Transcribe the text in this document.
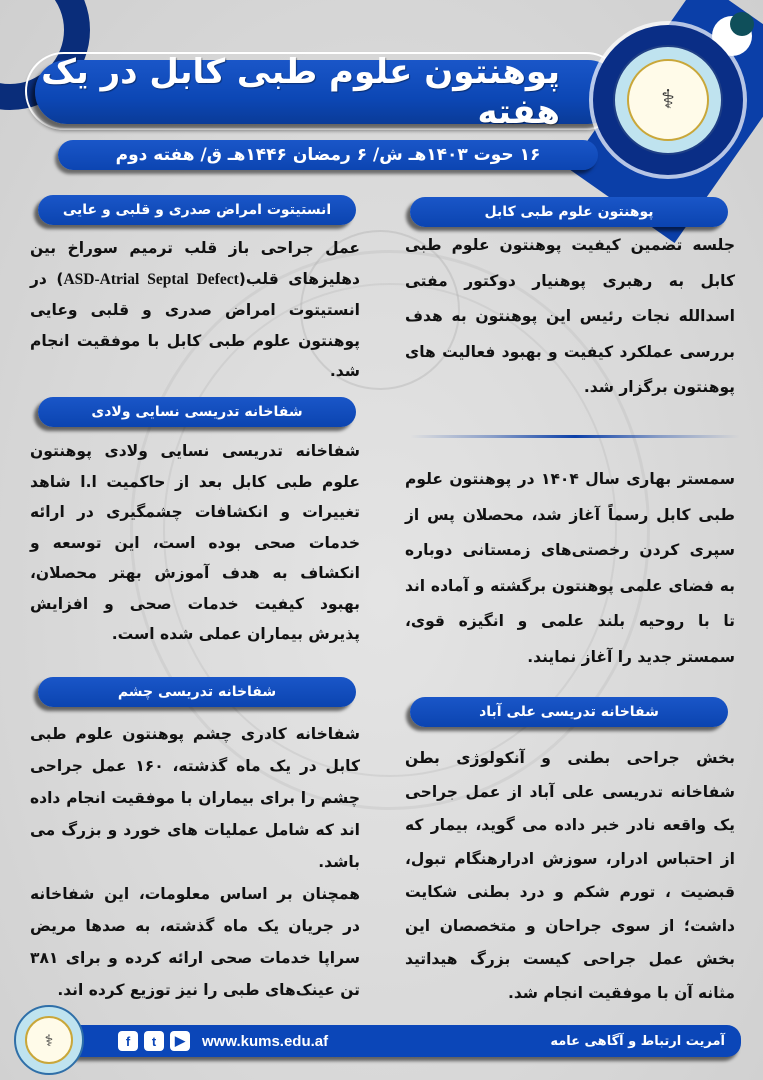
پوهنتون علوم طبی کابل در یک هفته
۱۶ حوت ۱۴۰۳هـ ش/ ۶ رمضان ۱۴۴۶هـ ق/ هفته دوم
⚕
پوهنتون علوم طبی کابل
جلسه تضمین کیفیت پوهنتون علوم طبی کابل به رهبری پوهنیار دوکتور مفتی اسدالله نجات رئیس این پوهنتون به هدف بررسی عملکرد کیفیت و بهبود فعالیت های پوهنتون برگزار شد.
سمستر بهاری سال ۱۴۰۴ در پوهنتون علوم طبی کابل رسماً آغاز شد، محصلان پس از سپری کردن رخصتی‌های زمستانی دوباره به فضای علمی پوهنتون برگشته و آماده اند تا با روحیه بلند علمی و انگیزه قوی، سمستر جدید را آغاز نمایند.
شفاخانه تدریسی علی آباد
بخش جراحی بطنی و آنکولوژی بطن شفاخانه تدریسی علی آباد از عمل جراحی یک واقعه نادر خبر داده می گوید، بیمار که از احتباس ادرار، سوزش ادرارهنگام تبول، قبضیت ، تورم شکم و درد بطنی شکایت داشت؛ از سوی جراحان و متخصصان این بخش عمل جراحی کیست بزرگ هیداتید مثانه آن با موفقیت انجام شد.
انستیتوت امراض صدری و قلبی و عایی
عمل جراحی باز قلب ترمیم سوراخ بین دهلیزهای قلب(ASD-Atrial Septal Defect) در انستیتوت امراض صدری و قلبی وعایی پوهنتون علوم طبی کابل با موفقیت انجام شد.
شفاخانه تدریسی نسایی ولادی
شفاخانه تدریسی نسایی ولادی پوهنتون علوم طبی کابل بعد از حاکمیت ا.ا شاهد تغییرات و انکشافات چشمگیری در ارائه خدمات صحی بوده است، این توسعه و انکشاف به هدف آموزش بهتر محصلان، بهبود کیفیت خدمات صحی و افزایش پذیرش بیماران عملی شده است.
شفاخانه تدریسی چشم
شفاخانه کادری چشم پوهنتون علوم طبی کابل در یک ماه گذشته، ۱۶۰ عمل جراحی چشم را برای بیماران با موفقیت انجام داده اند که شامل عملیات های خورد و بزرگ می باشد.
همچنان بر اساس معلومات، این شفاخانه در جریان یک ماه گذشته، به صدها مریض سراپا خدمات صحی ارائه کرده و برای ۳۸۱ تن عینک‌های طبی را نیز توزیع کرده اند.
f	t	▶	www.kums.edu.af	آمریت ارتباط و آگاهی عامه
⚕
